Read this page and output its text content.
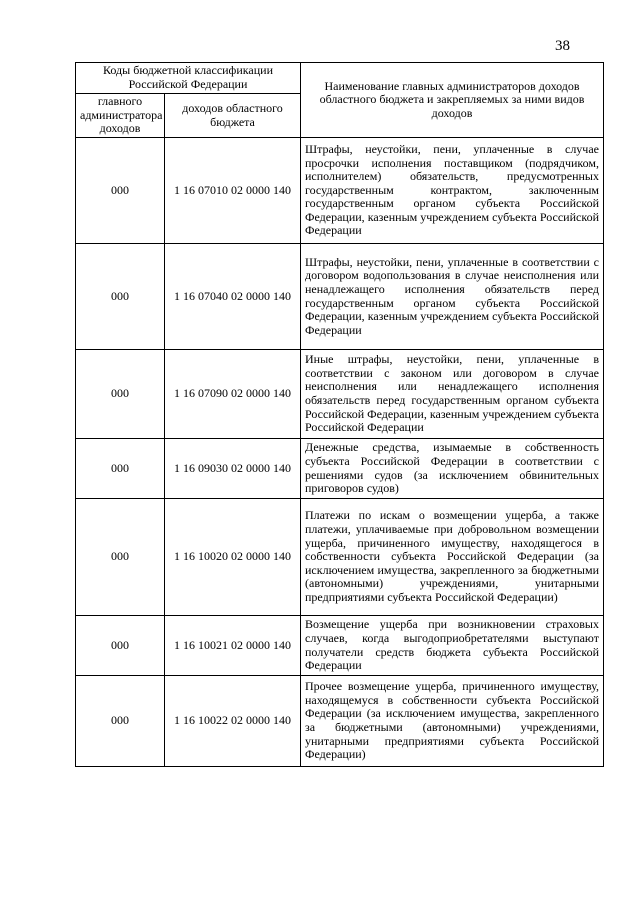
38
Коды бюджетной классификации Российской Федерации		Наименование главных администраторов доходов областного бюджета и закрепляемых за ними видов доходов
главного администратора доходов	доходов областного бюджета	
000	1 16 07010 02 0000 140	Штрафы, неустойки, пени, уплаченные в случае просрочки исполнения поставщиком (подрядчиком, исполнителем) обязательств, предусмотренных государственным контрактом, заключенным государственным органом субъекта Российской Федерации, казенным учреждением субъекта Российской Федерации
000	1 16 07040 02 0000 140	Штрафы, неустойки, пени, уплаченные в соответствии с договором водопользования в случае неисполнения или ненадлежащего исполнения обязательств перед государственным органом субъекта Российской Федерации, казенным учреждением субъекта Российской Федерации
000	1 16 07090 02 0000 140	Иные штрафы, неустойки, пени, уплаченные в соответствии с законом или договором в случае неисполнения или ненадлежащего исполнения обязательств перед государственным органом субъекта Российской Федерации, казенным учреждением субъекта Российской Федерации
000	1 16 09030 02 0000 140	Денежные средства, изымаемые в собственность субъекта Российской Федерации в соответствии с решениями судов (за исключением обвинительных приговоров судов)
000	1 16 10020 02 0000 140	Платежи по искам о возмещении ущерба, а также платежи, уплачиваемые при добровольном возмещении ущерба, причиненного имуществу, находящегося в собственности субъекта Российской Федерации (за исключением имущества, закрепленного за бюджетными (автономными) учреждениями, унитарными предприятиями субъекта Российской Федерации)
000	1 16 10021 02 0000 140	Возмещение ущерба при возникновении страховых случаев, когда выгодоприобретателями выступают получатели средств бюджета субъекта Российской Федерации
000	1 16 10022 02 0000 140	Прочее возмещение ущерба, причиненного имуществу, находящемуся в собственности субъекта Российской Федерации (за исключением имущества, закрепленного за бюджетными (автономными) учреждениями, унитарными предприятиями субъекта Российской Федерации)
